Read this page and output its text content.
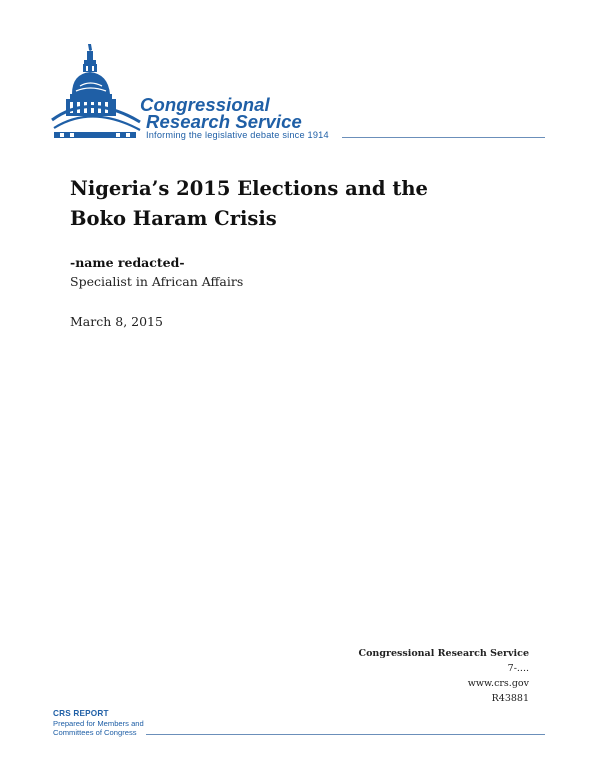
Congressional
Research Service
Informing the legislative debate since 1914
Nigeria’s 2015 Elections and the
Boko Haram Crisis
-name redacted-
Specialist in African Affairs
March 8, 2015
Congressional Research Service
7-....
www.crs.gov
R43881
CRS REPORT
Prepared for Members and
Committees of Congress
